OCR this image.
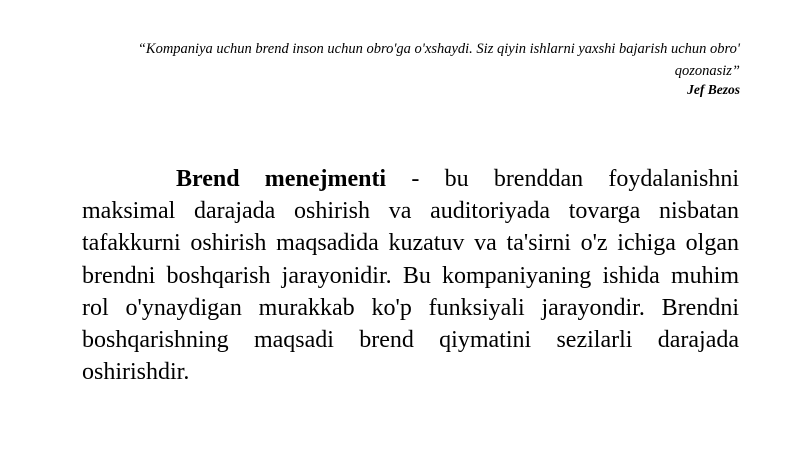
“Kompaniya uchun brend inson uchun obro'ga o'xshaydi. Siz qiyin ishlarni yaxshi bajarish uchun obro' qozonasiz”

Jef Bezos

Brend menejmenti - bu brenddan foydalanishni maksimal darajada oshirish va auditoriyada tovarga nisbatan tafakkurni oshirish maqsadida kuzatuv va ta'sirni o'z ichiga olgan brendni boshqarish jarayonidir. Bu kompaniyaning ishida muhim rol o'ynaydigan murakkab ko'p funksiyali jarayondir. Brendni boshqarishning maqsadi brend qiymatini sezilarli darajada oshirishdir.
